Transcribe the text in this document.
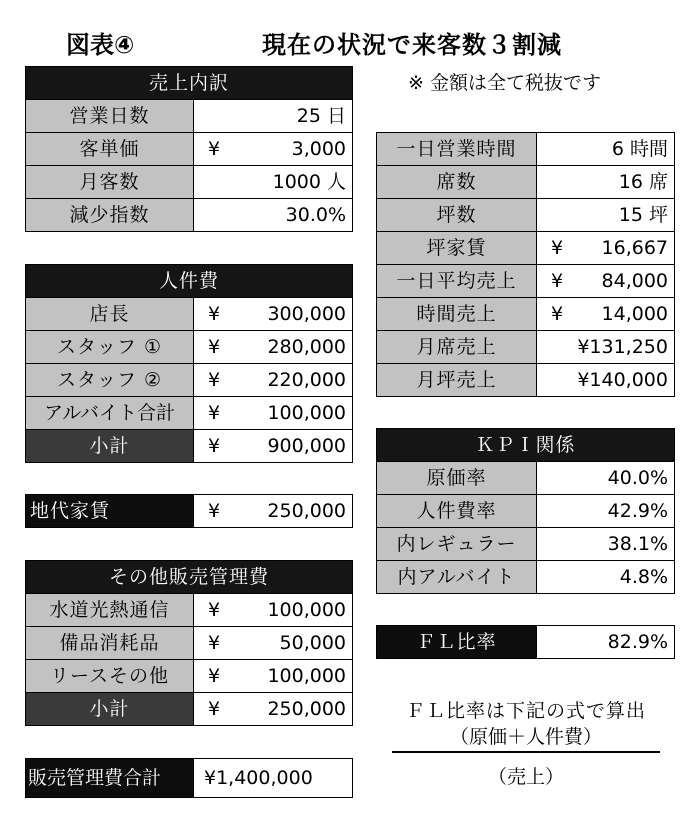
図表④	現在の状況で来客数３割減
※ 金額は全て税抜です
売上内訳	
営業日数	25 日
客単価	¥ 3,000

月客数	1000 人
減少指数	30.0%
人件費	
店長	¥ 300,000

スタッフ ①	¥ 280,000

スタッフ ②	¥ 220,000

アルバイト合計	¥ 100,000

小計	¥ 900,000
地代家賃	¥ 250,000
その他販売管理費	
水道光熱通信	¥ 100,000

備品消耗品	¥ 50,000

リースその他	¥ 100,000

小計	¥ 250,000
販売管理費合計	¥1,400,000
一日営業時間	6 時間
席数	16 席
坪数	15 坪
坪家賃	¥ 16,667

一日平均売上	¥ 84,000

時間売上	¥ 14,000

月席売上	¥131,250
月坪売上	¥140,000
ＫＰＩ関係	
原価率	40.0%
人件費率	42.9%
内レギュラー	38.1%
内アルバイト	4.8%
ＦＬ比率	82.9%
ＦＬ比率は下記の式で算出
（原価＋人件費）
（売上）
